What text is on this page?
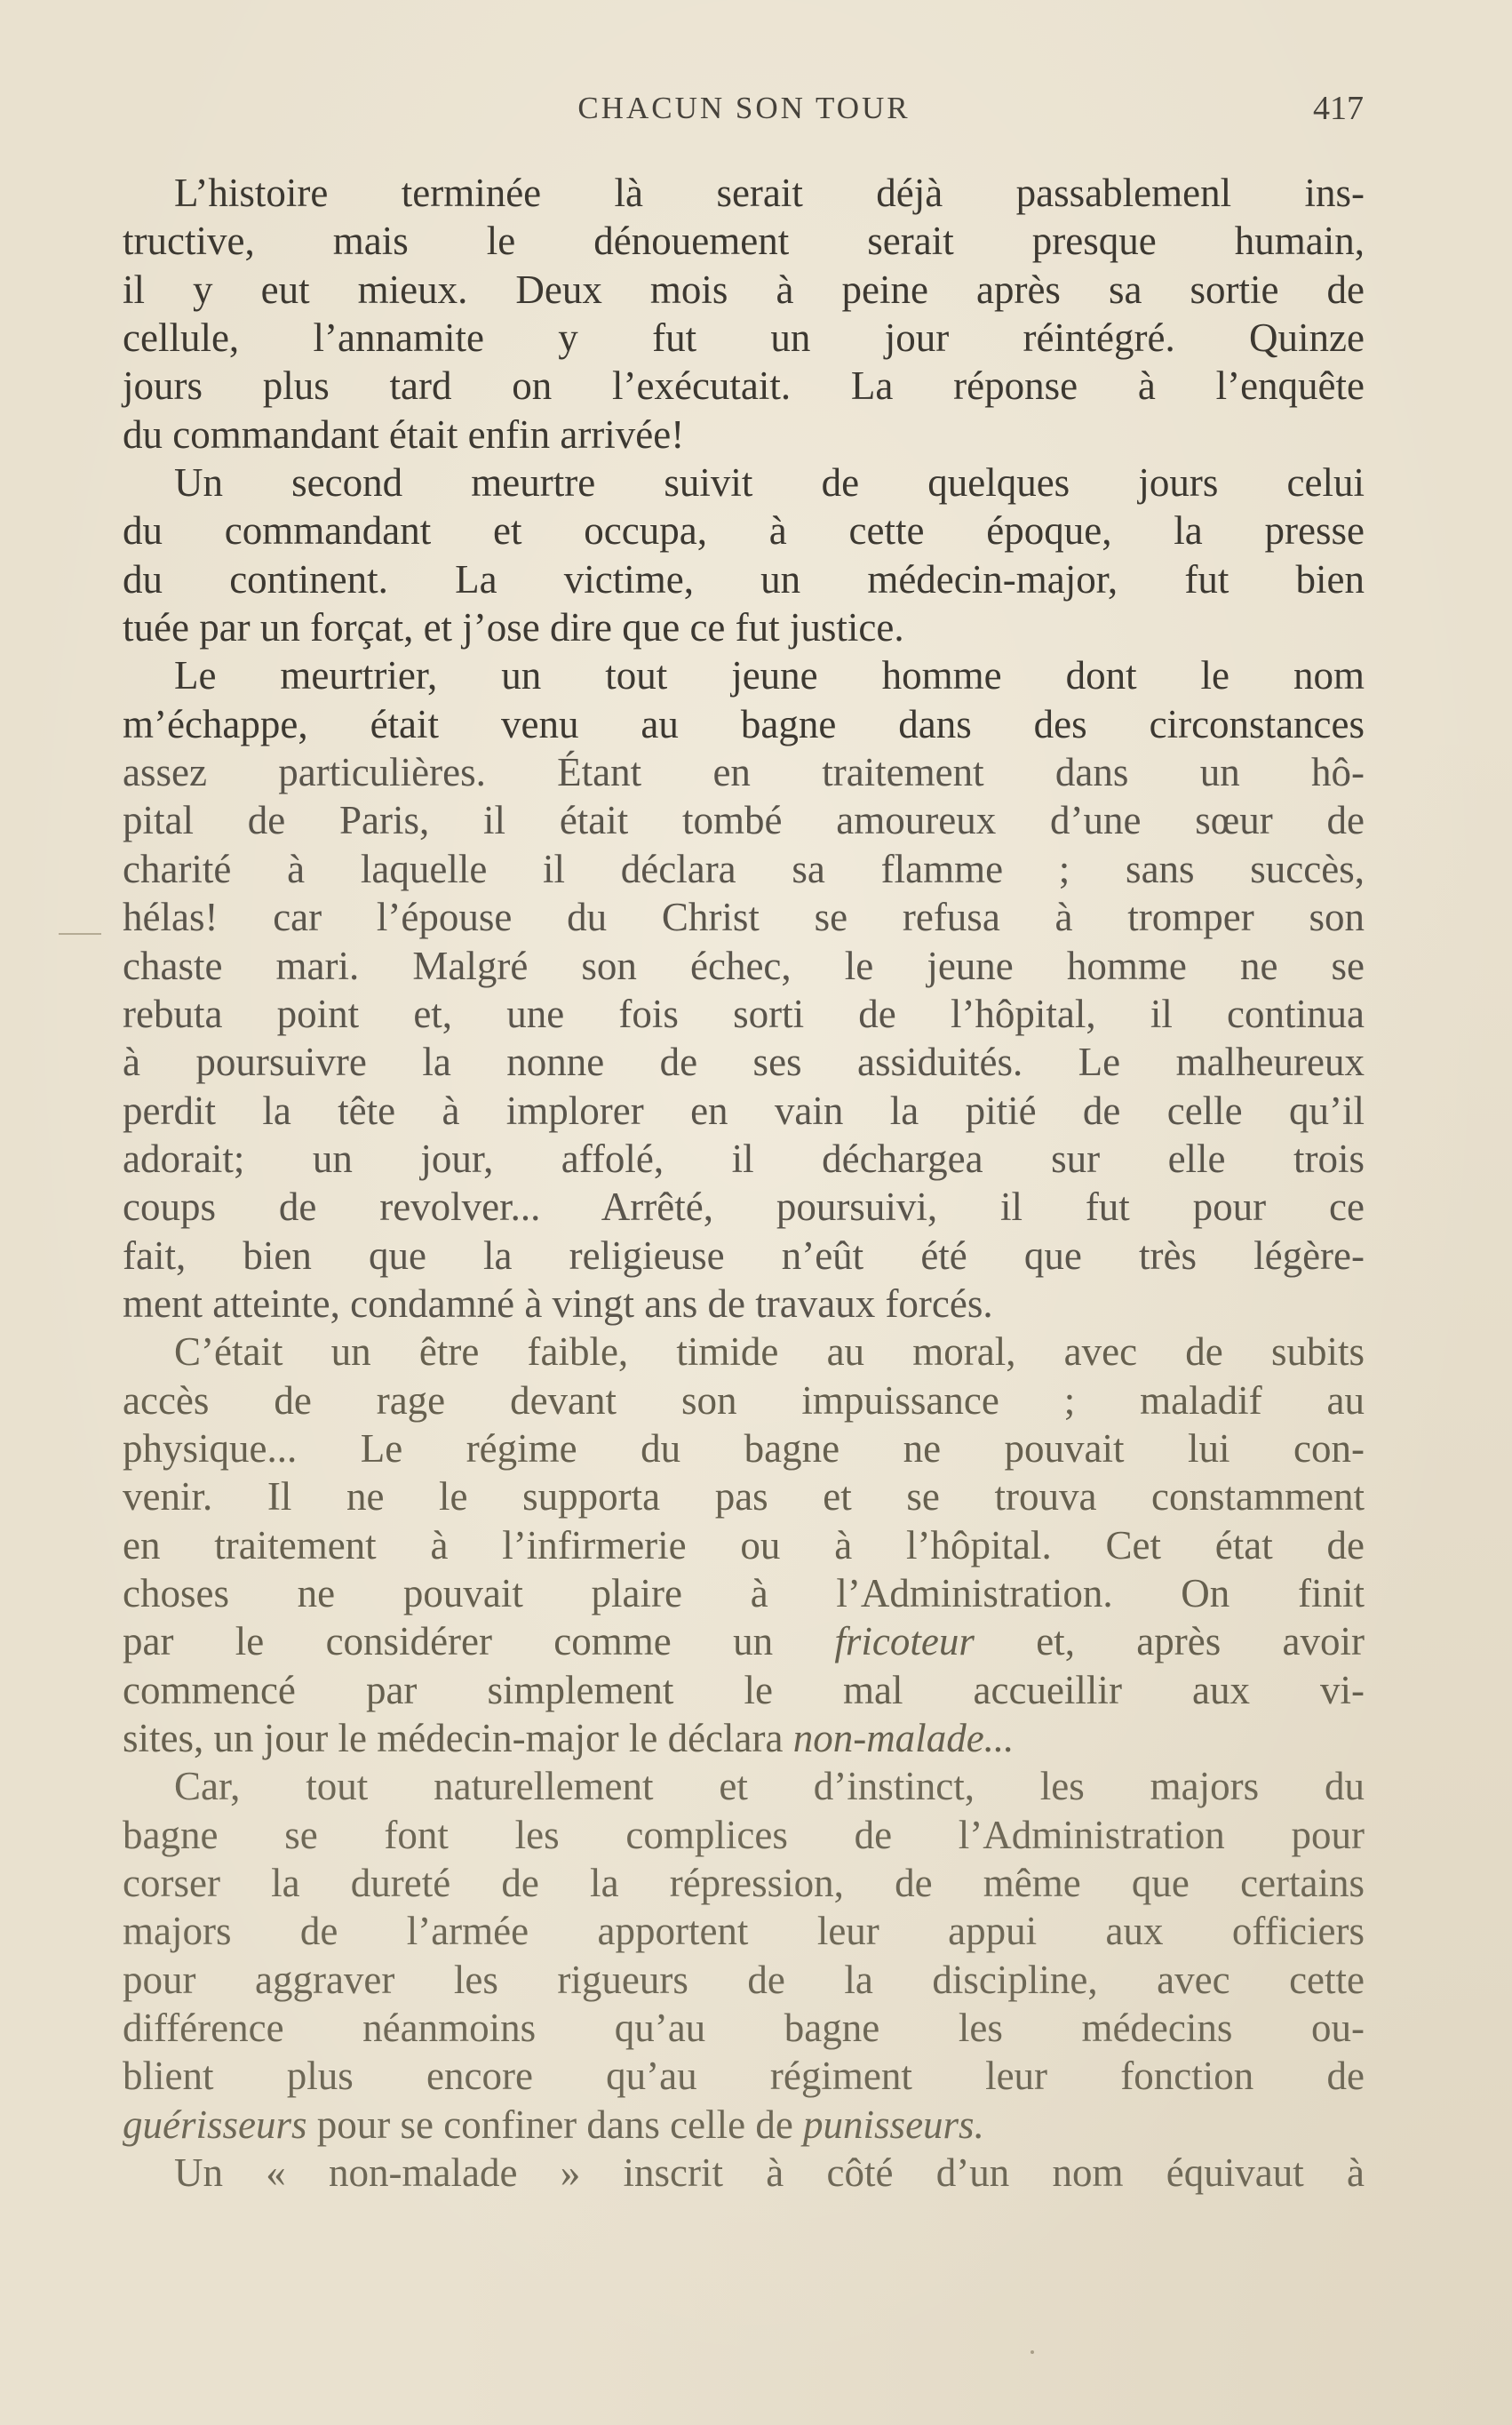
CHACUN SON TOUR	417
L’histoire terminée là serait déjà passablemenl ins-
tructive, mais le dénouement serait presque humain,
il y eut mieux. Deux mois à peine après sa sortie de
cellule, l’annamite y fut un jour réintégré. Quinze
jours plus tard on l’exécutait. La réponse à l’enquête
du commandant était enfin arrivée!
Un second meurtre suivit de quelques jours celui
du commandant et occupa, à cette époque, la presse
du continent. La victime, un médecin-major, fut bien
tuée par un forçat, et j’ose dire que ce fut justice.
Le meurtrier, un tout jeune homme dont le nom
m’échappe, était venu au bagne dans des circonstances
assez particulières. Étant en traitement dans un hô-
pital de Paris, il était tombé amoureux d’une sœur de
charité à laquelle il déclara sa flamme ; sans succès,
hélas! car l’épouse du Christ se refusa à tromper son
chaste mari. Malgré son échec, le jeune homme ne se
rebuta point et, une fois sorti de l’hôpital, il continua
à poursuivre la nonne de ses assiduités. Le malheureux
perdit la tête à implorer en vain la pitié de celle qu’il
adorait; un jour, affolé, il déchargea sur elle trois
coups de revolver... Arrêté, poursuivi, il fut pour ce
fait, bien que la religieuse n’eût été que très légère-
ment atteinte, condamné à vingt ans de travaux forcés.
C’était un être faible, timide au moral, avec de subits
accès de rage devant son impuissance ; maladif au
physique... Le régime du bagne ne pouvait lui con-
venir. Il ne le supporta pas et se trouva constamment
en traitement à l’infirmerie ou à l’hôpital. Cet état de
choses ne pouvait plaire à l’Administration. On finit
par le considérer comme un fricoteur et, après avoir
commencé par simplement le mal accueillir aux vi-
sites, un jour le médecin-major le déclara non-malade...
Car, tout naturellement et d’instinct, les majors du
bagne se font les complices de l’Administration pour
corser la dureté de la répression, de même que certains
majors de l’armée apportent leur appui aux officiers
pour aggraver les rigueurs de la discipline, avec cette
différence néanmoins qu’au bagne les médecins ou-
blient plus encore qu’au régiment leur fonction de
guérisseurs pour se confiner dans celle de punisseurs.
Un « non-malade » inscrit à côté d’un nom équivaut à
